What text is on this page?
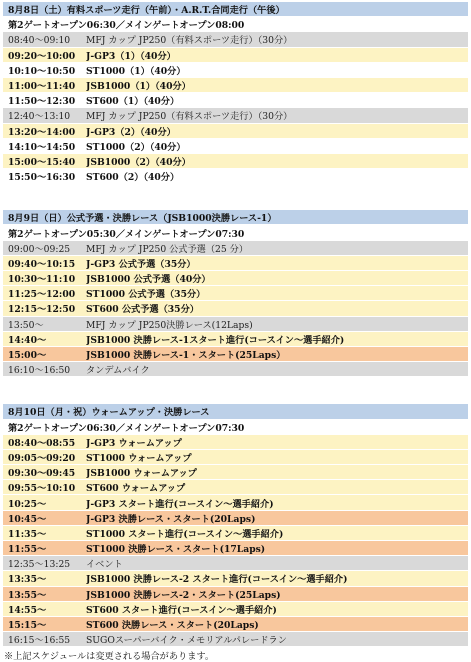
8月8日（土）有料スポーツ走行（午前）・A.R.T.合同走行（午後）
第2ゲートオープン06:30／メインゲートオープン08:00
08:40〜09:10	MFJ カップ JP250（有料スポーツ走行）（30分）
09:20〜10:00	J-GP3（1）（40分）
10:10〜10:50	ST1000（1）（40分）
11:00〜11:40	JSB1000（1）（40分）
11:50〜12:30	ST600（1）（40分）
12:40〜13:10	MFJ カップ JP250（有料スポーツ走行）（30分）
13:20〜14:00	J-GP3（2）（40分）
14:10〜14:50	ST1000（2）（40分）
15:00〜15:40	JSB1000（2）（40分）
15:50〜16:30	ST600（2）（40分）
8月9日（日）公式予選・決勝レース（JSB1000決勝レース-1）
第2ゲートオープン05:30／メインゲートオープン07:30
09:00〜09:25	MFJ カップ JP250 公式予選（25 分）
09:40〜10:15	J-GP3 公式予選（35分）
10:30〜11:10	JSB1000 公式予選（40分）
11:25〜12:00	ST1000 公式予選（35分）
12:15〜12:50	ST600 公式予選（35分）
13:50〜	MFJ カップ JP250決勝レース(12Laps)
14:40〜	JSB1000 決勝レース-1スタート進行(コースイン〜選手紹介)
15:00〜	JSB1000 決勝レース-1・スタート(25Laps）
16:10〜16:50	タンデムバイク
8月10日（月・祝）ウォームアップ・決勝レース
第2ゲートオープン06:30／メインゲートオープン07:30
08:40〜08:55	J-GP3 ウォームアップ
09:05〜09:20	ST1000 ウォームアップ
09:30〜09:45	JSB1000 ウォームアップ
09:55〜10:10	ST600 ウォームアップ
10:25〜	J-GP3 スタート進行(コースイン〜選手紹介)
10:45〜	J-GP3 決勝レース・スタート(20Laps)
11:35〜	ST1000 スタート進行(コースイン〜選手紹介)
11:55〜	ST1000 決勝レース・スタート(17Laps)
12:35〜13:25	イベント
13:35〜	JSB1000 決勝レース-2 スタート進行(コースイン〜選手紹介)
13:55〜	JSB1000 決勝レース-2・スタート(25Laps)
14:55〜	ST600 スタート進行(コースイン〜選手紹介)
15:15〜	ST600 決勝レース・スタート(20Laps)
16:15〜16:55	SUGOスーパーバイク・メモリアルパレードラン
※上記スケジュールは変更される場合があります。
